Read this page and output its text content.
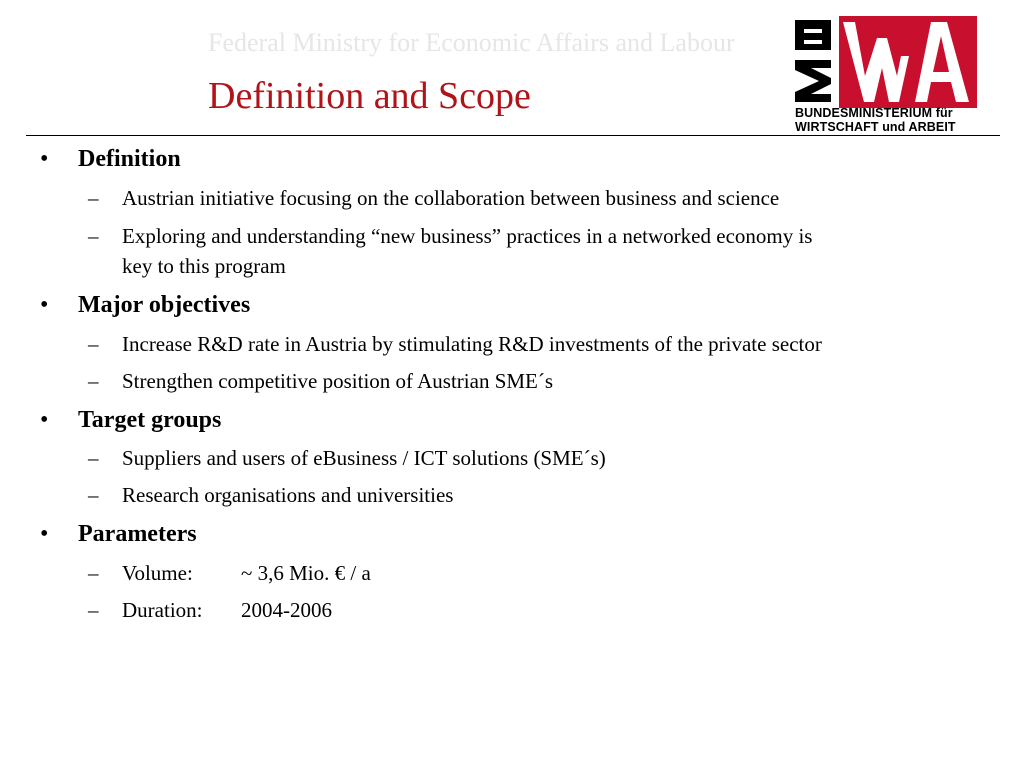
Federal Ministry for Economic Affairs and Labour
Definition and Scope	BUNDESMINISTERIUM für
WIRTSCHAFT und ARBEIT
• Definition
– Austrian initiative focusing on the collaboration between business and science
– Exploring and understanding “new business” practices in a networked economy is
key to this program
• Major objectives
– Increase R&D rate in Austria by stimulating R&D investments of the private sector
– Strengthen competitive position of Austrian SME´s
• Target groups
– Suppliers and users of eBusiness / ICT solutions (SME´s)
– Research organisations and universities
• Parameters
– Volume: ~ 3,6 Mio. € / a
– Duration: 2004-2006
